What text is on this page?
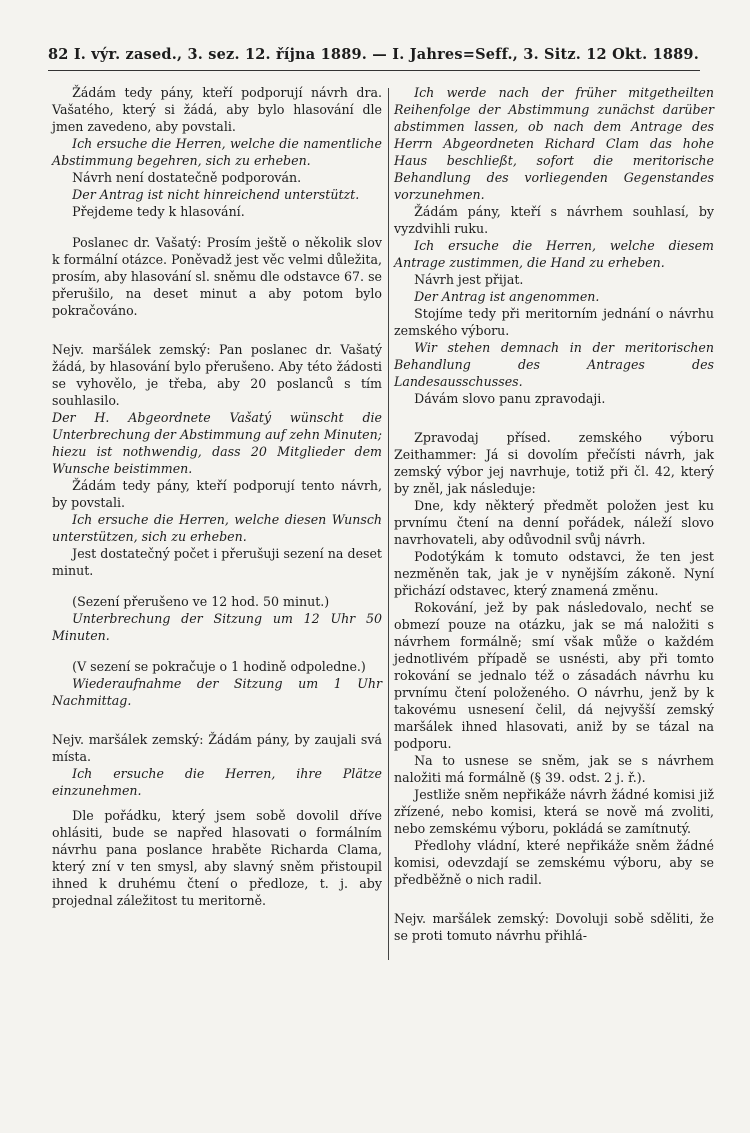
82 I. výr. zased., 3. sez. 12. října 1889. — I. Jahres=Seff., 3. Sitz. 12 Okt. 1889.

Žádám tedy pány, kteří podporují návrh dra. Vašatého, který si žádá, aby bylo hlasování dle jmen zavedeno, aby povstali.

Ich ersuche die Herren, welche die namentliche Abstimmung begehren, sich zu erheben.

Návrh není dostatečně podporován.

Der Antrag ist nicht hinreichend unterstützt.

Přejdeme tedy k hlasování.

Poslanec dr. Vašatý: Prosím ještě o několik slov k formální otázce. Poněvadž jest věc velmi důležita, prosím, aby hlasování sl. sněmu dle odstavce 67. se přerušilo, na deset minut a aby potom bylo pokračováno.

Nejv. maršálek zemský: Pan poslanec dr. Vašatý žádá, by hlasování bylo přerušeno. Aby této žádosti se vyhovělo, je třeba, aby 20 poslanců s tím souhlasilo.

Der H. Abgeordnete Vašatý wünscht die Unterbrechung der Abstimmung auf zehn Minuten; hiezu ist nothwendig, dass 20 Mitglieder dem Wunsche beistimmen.

Žádám tedy pány, kteří podporují tento návrh, by povstali.

Ich ersuche die Herren, welche diesen Wunsch unterstützen, sich zu erheben.

Jest dostatečný počet i přerušuji sezení na deset minut.

(Sezení přerušeno ve 12 hod. 50 minut.)

Unterbrechung der Sitzung um 12 Uhr 50 Minuten.

(V sezení se pokračuje o 1 hodině odpoledne.)

Wiederaufnahme der Sitzung um 1 Uhr Nachmittag.

Nejv. maršálek zemský: Žádám pány, by zaujali svá místa.

Ich ersuche die Herren, ihre Plätze einzunehmen.

Dle pořádku, který jsem sobě dovolil dříve ohlásiti, bude se napřed hlasovati o formálním návrhu pana poslance hraběte Richarda Clama, který zní v ten smysl, aby slavný sněm přistoupil ihned k druhému čtení o předloze, t. j. aby projednal záležitost tu meritorně.

Ich werde nach der früher mitgetheilten Reihenfolge der Abstimmung zunächst darüber abstimmen lassen, ob nach dem Antrage des Herrn Abgeordneten Richard Clam das hohe Haus beschließt, sofort die meritorische Behandlung des vorliegenden Gegenstandes vorzunehmen.

Žádám pány, kteří s návrhem souhlasí, by vyzdvihli ruku.

Ich ersuche die Herren, welche diesem Antrage zustimmen, die Hand zu erheben.

Návrh jest přijat.

Der Antrag ist angenommen.

Stojíme tedy při meritorním jednání o návrhu zemského výboru.

Wir stehen demnach in der meritorischen Behandlung des Antrages des Landesausschusses.

Dávám slovo panu zpravodaji.

Zpravodaj přísed. zemského výboru Zeithammer: Já si dovolím přečísti návrh, jak zemský výbor jej navrhuje, totiž při čl. 42, který by zněl, jak následuje:

Dne, kdy některý předmět položen jest ku prvnímu čtení na denní pořádek, náleží slovo navrhovateli, aby odůvodnil svůj návrh.

Podotýkám k tomuto odstavci, že ten jest nezměněn tak, jak je v nynějším zákoně. Nyní přichází odstavec, který znamená změnu.

Rokování, jež by pak následovalo, nechť se obmezí pouze na otázku, jak se má naložiti s návrhem formálně; smí však může o každém jednotlivém případě se usnésti, aby při tomto rokování se jednalo též o zásadách návrhu ku prvnímu čtení položeného. O návrhu, jenž by k takovému usnesení čelil, dá nejvyšší zemský maršálek ihned hlasovati, aniž by se tázal na podporu.

Na to usnese se sněm, jak se s návrhem naložiti má formálně (§ 39. odst. 2 j. ř.).

Jestliže sněm nepřikáže návrh žádné komisi již zřízené, nebo komisi, která se nově má zvoliti, nebo zemskému výboru, pokládá se zamítnutý.

Předlohy vládní, které nepřikáže sněm žádné komisi, odevzdají se zemskému výboru, aby se předběžně o nich radil.

Nejv. maršálek zemský: Dovoluji sobě sděliti, že se proti tomuto návrhu přihlá-
